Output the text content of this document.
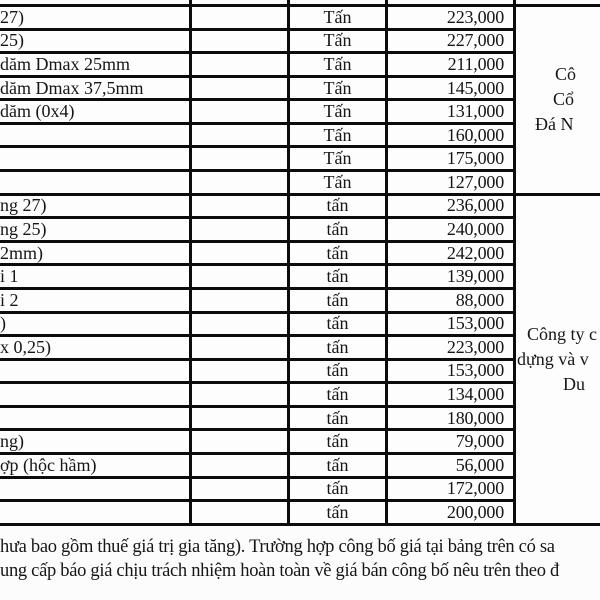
Cô
Cổ
Đá N
Công ty c
dựng và v
Du
27)	Tấn	223,000
25)	Tấn	227,000
dăm Dmax 25mm	Tấn	211,000
dăm Dmax 37,5mm	Tấn	145,000
dăm (0x4)	Tấn	131,000
Tấn	160,000
Tấn	175,000
Tấn	127,000
ng 27)	tấn	236,000
ng 25)	tấn	240,000
2mm)	tấn	242,000
i 1	tấn	139,000
i 2	tấn	88,000
)	tấn	153,000
x 0,25)	tấn	223,000
tấn	153,000
tấn	134,000
tấn	180,000
ng)	tấn	79,000
ợp (hộc hầm)	tấn	56,000
tấn	172,000
tấn	200,000
hưa bao gồm thuế giá trị gia tăng). Trường hợp công bố giá tại bảng trên có sa
ung cấp báo giá chịu trách nhiệm hoàn toàn về giá bán công bố nêu trên theo đ
